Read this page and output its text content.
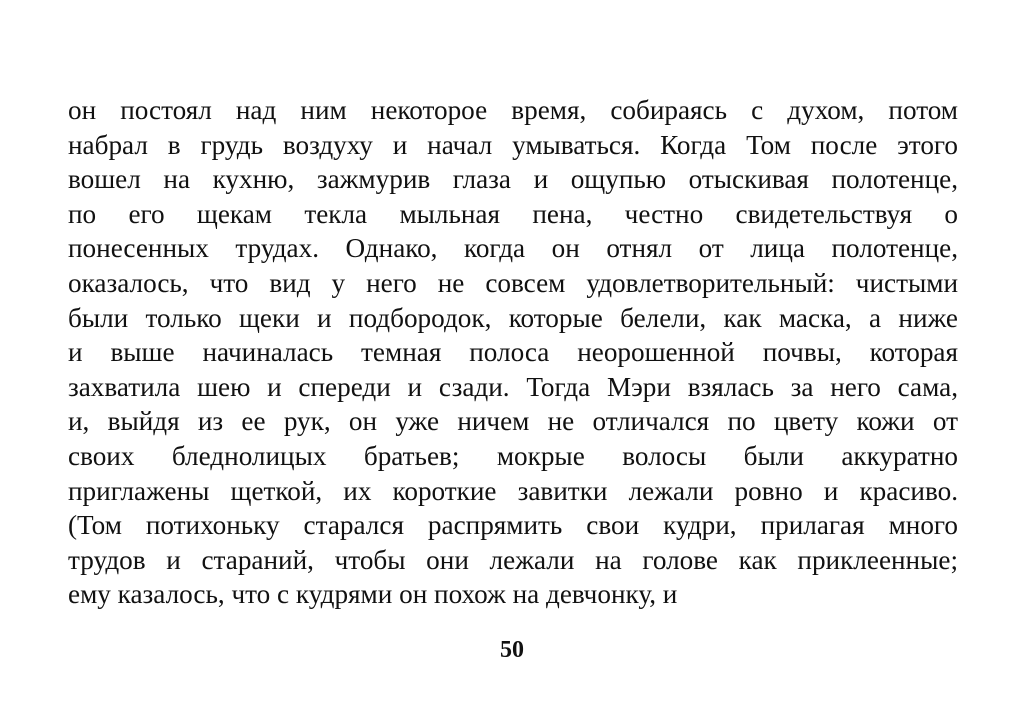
он постоял над ним некоторое время, собираясь с духом, потом
набрал в грудь воздуху и начал умываться. Когда Том после этого
вошел на кухню, зажмурив глаза и ощупью отыскивая полотенце,
по его щекам текла мыльная пена, честно свидетельствуя о
понесенных трудах. Однако, когда он отнял от лица полотенце,
оказалось, что вид у него не совсем удовлетворительный: чистыми
были только щеки и подбородок, которые белели, как маска, а ниже
и выше начиналась темная полоса неорошенной почвы, которая
захватила шею и спереди и сзади. Тогда Мэри взялась за него сама,
и, выйдя из ее рук, он уже ничем не отличался по цвету кожи от
своих бледнолицых братьев; мокрые волосы были аккуратно
приглажены щеткой, их короткие завитки лежали ровно и красиво.
(Том потихоньку старался распрямить свои кудри, прилагая много
трудов и стараний, чтобы они лежали на голове как приклеенные;
ему казалось, что с кудрями он похож на девчонку, и
50
